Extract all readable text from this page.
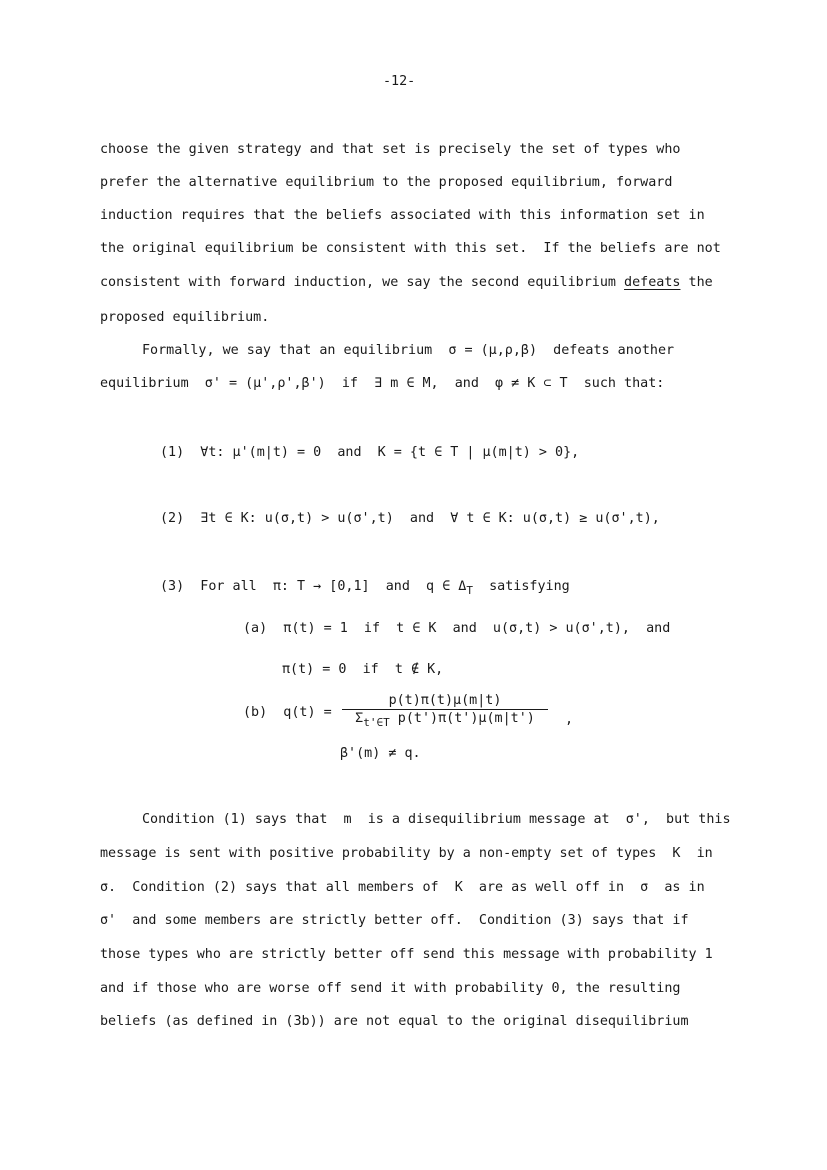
-12-
choose the given strategy and that set is precisely the set of types who
prefer the alternative equilibrium to the proposed equilibrium, forward
induction requires that the beliefs associated with this information set in
the original equilibrium be consistent with this set.  If the beliefs are not
consistent with forward induction, we say the second equilibrium defeats the
proposed equilibrium.
Formally, we say that an equilibrium  σ = (μ,ρ,β)  defeats another
equilibrium  σ' = (μ',ρ',β')  if  ∃ m ∈ M,  and  φ ≠ K ⊂ T  such that:
(1)  ∀t: μ'(m|t) = 0  and  K = {t ∈ T | μ(m|t) > 0},
(2)  ∃t ∈ K: u(σ,t) > u(σ',t)  and  ∀ t ∈ K: u(σ,t) ≥ u(σ',t),
(3)  For all  π: T → [0,1]  and  q ∈ $\Delta_T$  satisfying
(a)  π(t) = 1  if  t ∈ K  and  u(σ,t) > u(σ',t),  and
π(t) = 0  if  t ∉ K,
(b)  $q(t) = \frac{p(t)\pi(t)\mu(m|t)}{\Sigma_{t'\in T} p(t')\pi(t')\mu(m|t')}$ ,
β'(m) ≠ q.
Condition (1) says that  m  is a disequilibrium message at  σ',  but this
message is sent with positive probability by a non-empty set of types  K  in
σ.  Condition (2) says that all members of  K  are as well off in  σ  as in
σ'  and some members are strictly better off.  Condition (3) says that if
those types who are strictly better off send this message with probability 1
and if those who are worse off send it with probability 0, the resulting
beliefs (as defined in (3b)) are not equal to the original disequilibrium
